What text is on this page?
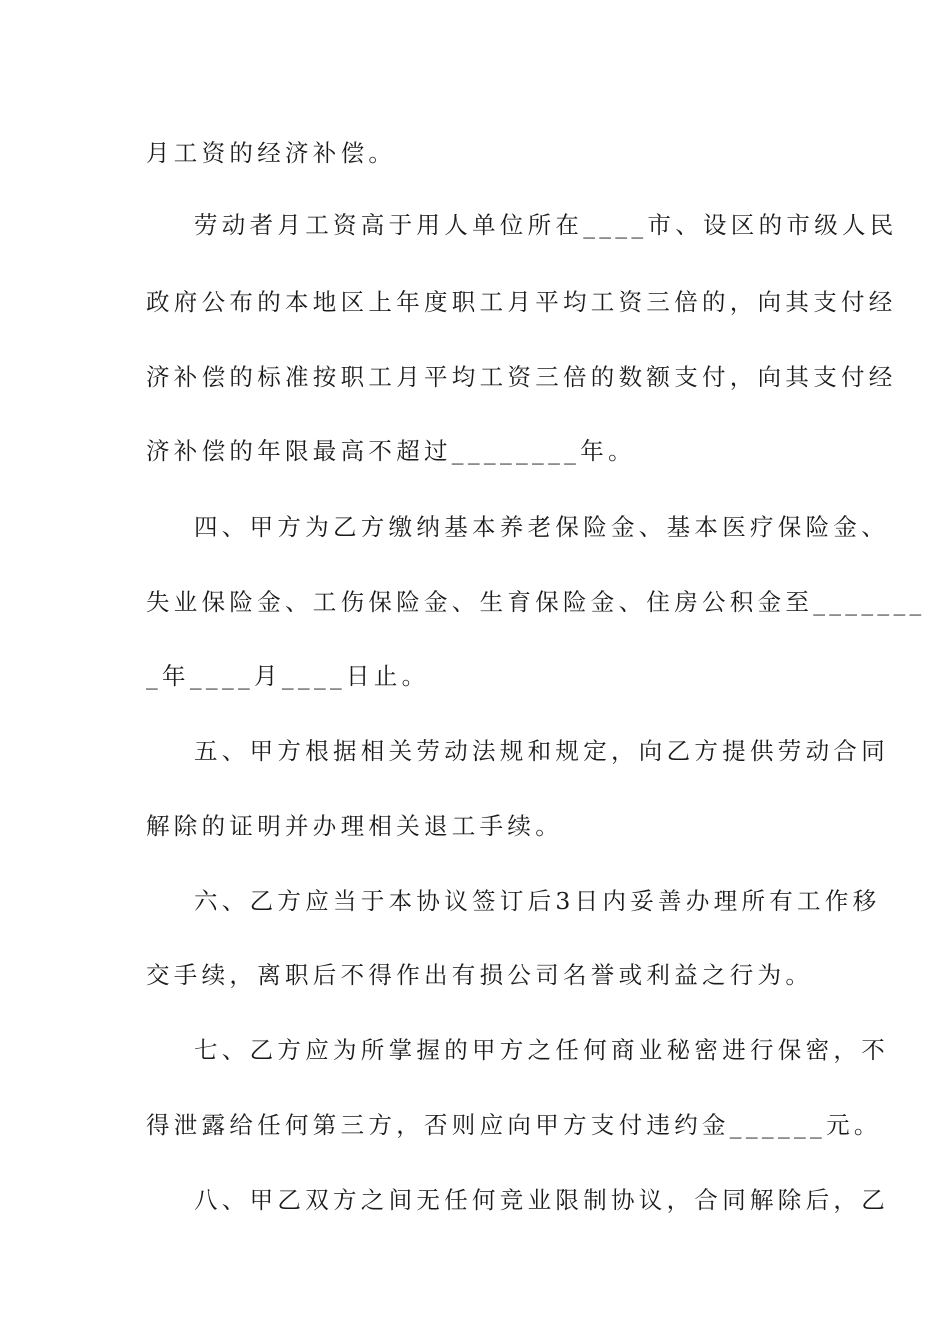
月工资的经济补偿。
劳动者月工资高于用人单位所在____市、设区的市级人民
政府公布的本地区上年度职工月平均工资三倍的，向其支付经
济补偿的标准按职工月平均工资三倍的数额支付，向其支付经
济补偿的年限最高不超过________年。
四、甲方为乙方缴纳基本养老保险金、基本医疗保险金、
失业保险金、工伤保险金、生育保险金、住房公积金至_______
_年____月____日止。
五、甲方根据相关劳动法规和规定，向乙方提供劳动合同
解除的证明并办理相关退工手续。
六、乙方应当于本协议签订后3日内妥善办理所有工作移
交手续，离职后不得作出有损公司名誉或利益之行为。
七、乙方应为所掌握的甲方之任何商业秘密进行保密，不
得泄露给任何第三方，否则应向甲方支付违约金______元。
八、甲乙双方之间无任何竞业限制协议，合同解除后，乙
